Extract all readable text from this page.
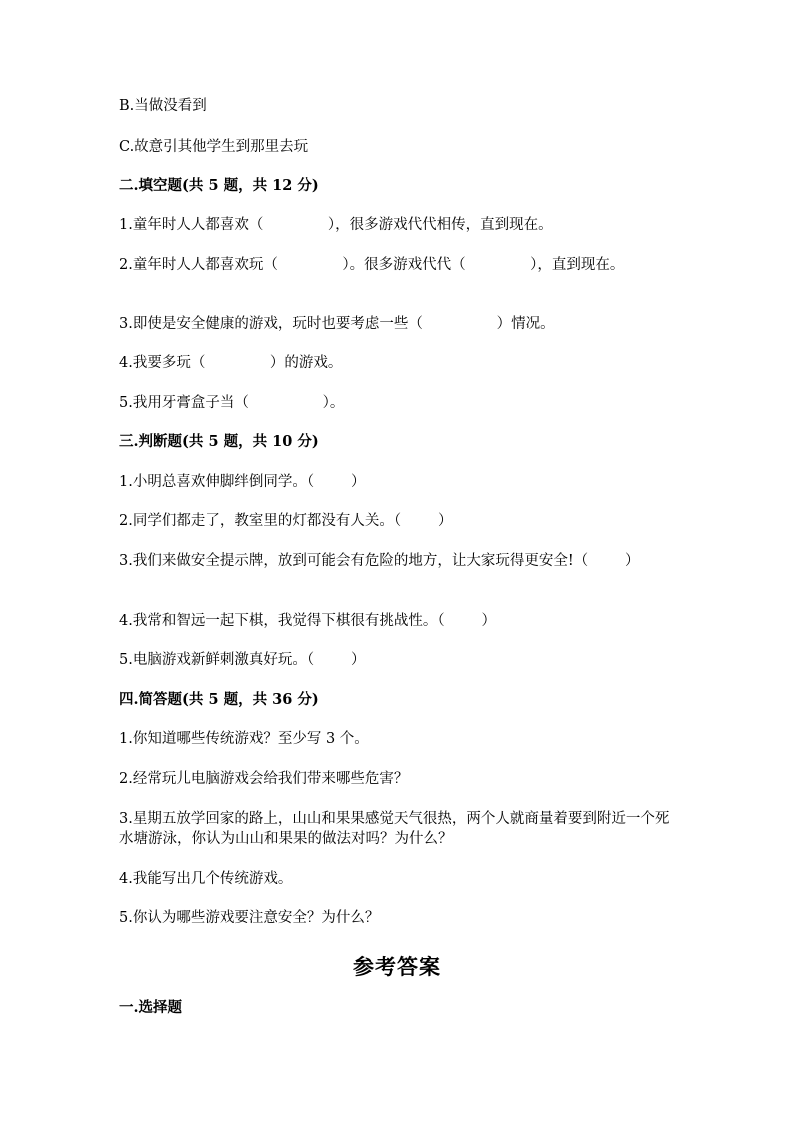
B.当做没看到
C.故意引其他学生到那里去玩
二.填空题(共 5 题，共 12 分)
1.童年时人人都喜欢（              ），很多游戏代代相传，直到现在。
2.童年时人人都喜欢玩（              ）。很多游戏代代（              ），直到现在。
3.即使是安全健康的游戏，玩时也要考虑一些（                ）情况。
4.我要多玩（              ）的游戏。
5.我用牙膏盒子当（                ）。
三.判断题(共 5 题，共 10 分)
1.小明总喜欢伸脚绊倒同学。（        ）
2.同学们都走了，教室里的灯都没有人关。（        ）
3.我们来做安全提示牌，放到可能会有危险的地方，让大家玩得更安全!（        ）
4.我常和智远一起下棋，我觉得下棋很有挑战性。（        ）
5.电脑游戏新鲜刺激真好玩。（        ）
四.简答题(共 5 题，共 36 分)
1.你知道哪些传统游戏？至少写 3 个。
2.经常玩儿电脑游戏会给我们带来哪些危害？
3.星期五放学回家的路上，山山和果果感觉天气很热，两个人就商量着要到附近一个死水塘游泳，你认为山山和果果的做法对吗？为什么？
4.我能写出几个传统游戏。
5.你认为哪些游戏要注意安全？为什么？
参考答案
一.选择题
